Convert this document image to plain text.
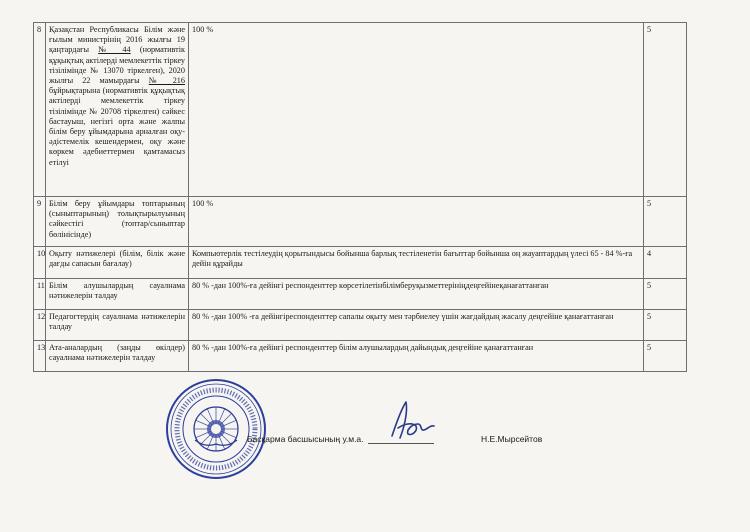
8	Қазақстан Республикасы Білім және ғылым министрінің 2016 жылғы 19 қаңтардағы № 44 (нормативтік құқықтық актілерді мемлекеттік тіркеу тізілімінде № 13070 тіркелген), 2020 жылғы 22 мамырдағы № 216 бұйрықтарына (нормативтік құқықтық актілерді мемлекеттік тіркеу тізілімінде № 20708 тіркелген) сәйкес бастауыш, негізгі орта және жалпы білім беру ұйымдарына арналған оқу-әдістемелік кешендермен, оқу және көркем әдебиеттермен қамтамасыз етілуі	100 %	5
9	Білім беру ұйымдары топтарының (сыныптарының) толықтырылуының сәйкестігі (топтар/сыныптар бөлінісінде)	100 %	5
10	Оқыту нәтижелері (білім, білік және дағды сапасын бағалау)	Компьютерлік тестілеудің қорытындысы бойынша барлық тестіленетін бағыттар бойынша оң жауаптардың үлесі 65 - 84 %-ға дейін құрайды	4
11	Білім алушылардың сауалнама нәтижелерін талдау	80 % -дан 100%-ға дейінгі респонденттер көрсетілетінбілімберуқызметтерініңдеңгейінеқанағаттанған	5
12	Педагогтердің сауалнама нәтижелерін талдау	80 % -дан 100% -ға дейінгіреспонденттер сапалы оқыту мен тәрбиелеу үшін жағдайдың жасалу деңгейіне қанағаттанған	5
13	Ата-аналардың (заңды өкілдер) сауалнама нәтижелерін талдау	80 % -дан 100%-ға дейінгі респонденттер білім алушылардың дайындық деңгейіне қанағаттанған	5
Басқарма басшысының у.м.а.	Н.Е.Мырсейтов
